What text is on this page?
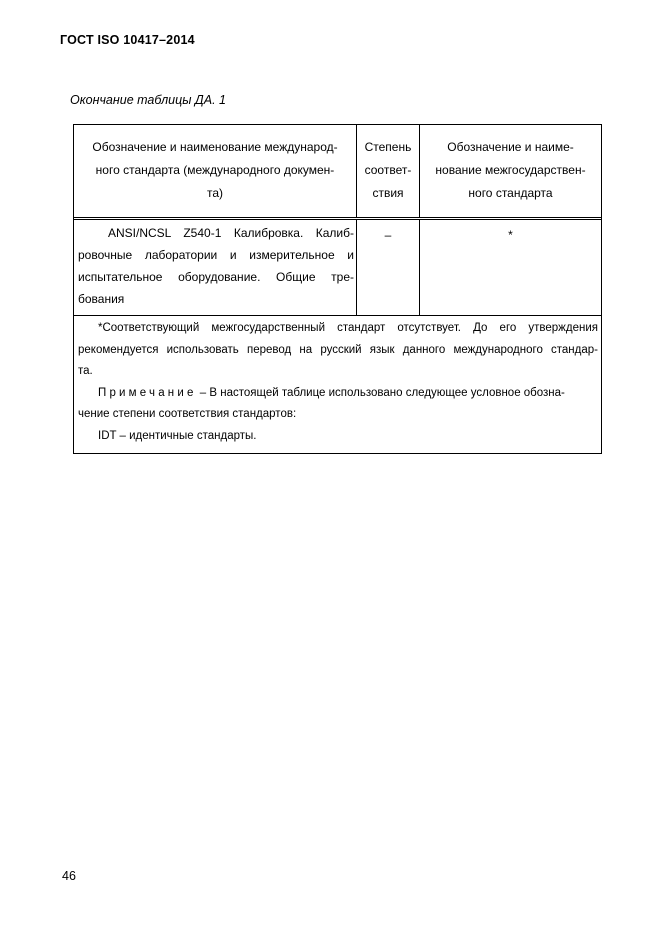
ГОСТ ISO 10417–2014
Окончание таблицы ДА. 1
Обозначение и наименование международ-
ного стандарта (международного докумен-
та)
Степень
соответ-
ствия
Обозначение и наиме-
нование межгосударствен-
ного стандарта
ANSI/NCSL Z540-1 Калибровка. Калиб-
ровочные лаборатории и измерительное и
испытательное оборудование. Общие тре-
бования
–	*
*Соответствующий межгосударственный стандарт отсутствует. До его утверждения
рекомендуется использовать перевод на русский язык данного международного стандар-
та.
Примечание – В настоящей таблице использовано следующее условное обозна-
чение степени соответствия стандартов:
IDT – идентичные стандарты.
46
